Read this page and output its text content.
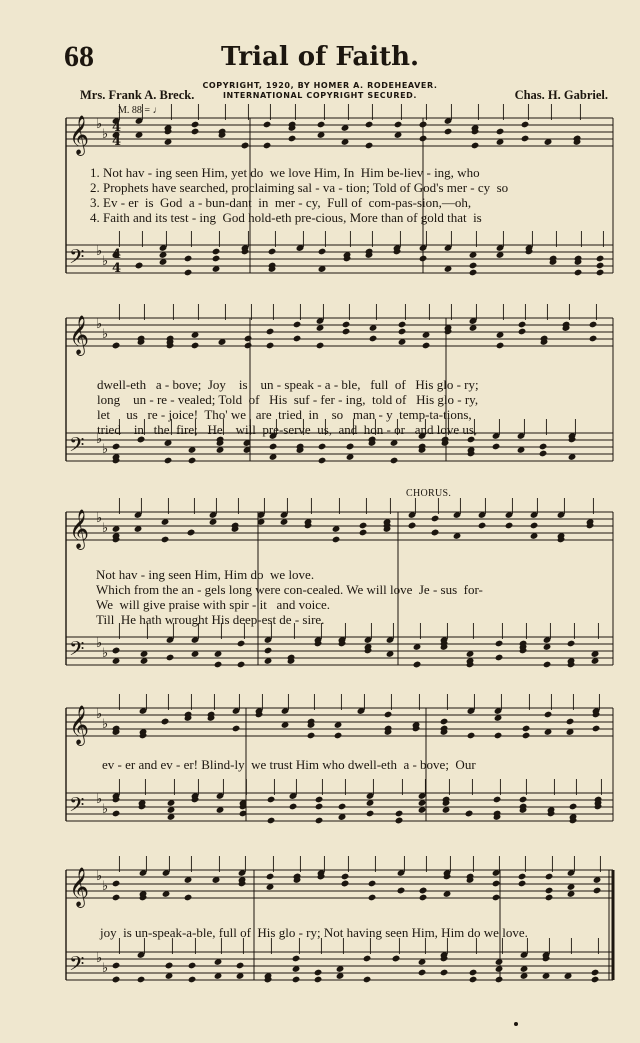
68	Trial of Faith.
COPYRIGHT, 1920, BY HOMER A. RODEHEAVER.
INTERNATIONAL COPYRIGHT SECURED.
Mrs. Frank A. Breck.	Chas. H. Gabriel.
M. 88 = ♩
CHORUS.
𝄞 ♭
♭
𝄢 ♭
♭
𝄞 ♭
♭
𝄢 ♭
♭
𝄞 ♭
♭
𝄢 ♭
♭
𝄞 ♭
♭
𝄢 ♭
♭
𝄞 ♭
♭
𝄢 ♭
♭
4
4
4
4
1. Not hav - ing seen Him, yet do  we love Him, In  Him be-liev - ing, who
2. Prophets have searched, proclaiming sal - va - tion; Told of God's mer - cy  so
3. Ev - er  is  God  a - bun-dant  in  mer - cy,  Full of  com-pas-sion,—oh,
4. Faith and its test - ing  God hold-eth pre-cious, More than of gold that  is
dwell-eth   a - bove;  Joy    is    un - speak - a - ble,   full  of   His glo - ry;
long    un - re - vealed; Told  of   His  suf - fer - ing,  told of   His glo - ry,
let     us   re - joice!  Tho' we   are  tried  in    so   man - y  temp-ta-tions,
tried    in   the  fire;   He    will  pre-serve  us,  and  hon - or   and love us,
Not hav - ing seen Him, Him do  we love.
Which from the an - gels long were con-cealed. We will love  Je - sus  for-
We  will give praise with spir - it   and voice.
Till  He hath wrought His deep-est de - sire.
ev - er and ev - er! Blind-ly  we trust Him who dwell-eth  a - bove;  Our
joy  is un-speak-a-ble, full of  His glo - ry; Not having seen Him, Him do we love.
